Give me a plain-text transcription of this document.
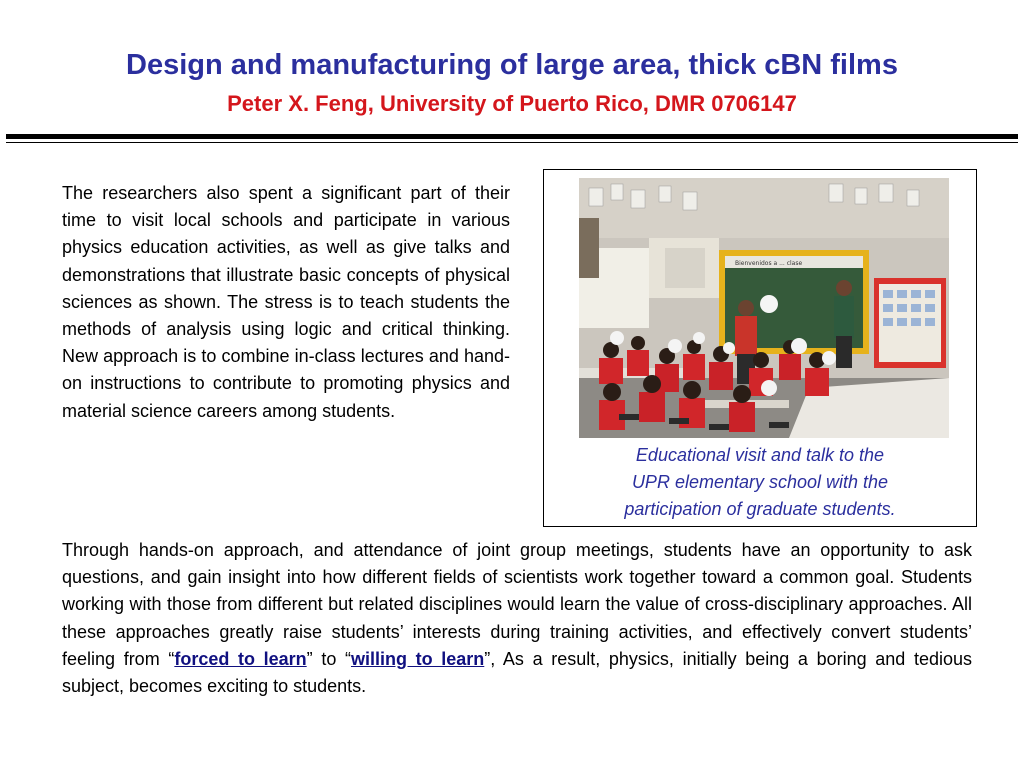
Design and manufacturing of large area, thick cBN films
Peter X. Feng, University of Puerto Rico, DMR 0706147

The researchers also spent a significant part of their time to visit local schools and participate in various physics education activities, as well as give talks and demonstrations that illustrate basic concepts of physical sciences as shown. The stress is to teach students the methods of analysis using logic and critical thinking. New approach is to combine in-class lectures and hand-on instructions to contribute to promoting physics and material science careers among students.

Bienvenidos a ... clase

Educational visit and talk to the
UPR elementary school with the
participation of graduate students.

Through hands-on approach, and attendance of joint group meetings, students have an opportunity to ask questions, and gain insight into how different fields of scientists work together toward a common goal. Students working with those from different but related disciplines would learn the value of cross-disciplinary approaches. All these approaches greatly raise students’ interests during training activities, and effectively convert students’ feeling from “forced to learn” to “willing to learn”, As a result, physics, initially being a boring and tedious subject, becomes exciting to students.
